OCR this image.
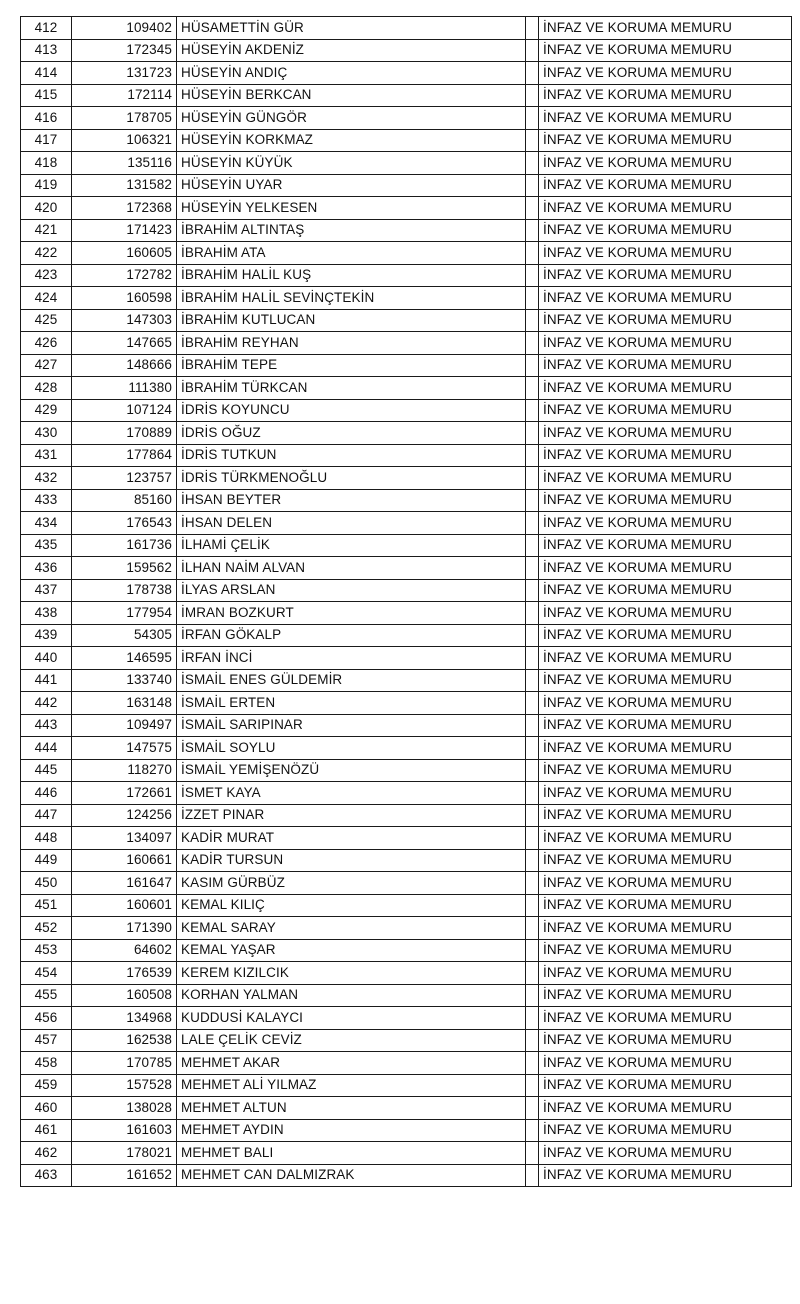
412	109402	HÜSAMETTİN GÜR		İNFAZ VE KORUMA MEMURU
413	172345	HÜSEYİN AKDENİZ		İNFAZ VE KORUMA MEMURU
414	131723	HÜSEYİN ANDIÇ		İNFAZ VE KORUMA MEMURU
415	172114	HÜSEYİN BERKCAN		İNFAZ VE KORUMA MEMURU
416	178705	HÜSEYİN GÜNGÖR		İNFAZ VE KORUMA MEMURU
417	106321	HÜSEYİN KORKMAZ		İNFAZ VE KORUMA MEMURU
418	135116	HÜSEYİN KÜYÜK		İNFAZ VE KORUMA MEMURU
419	131582	HÜSEYİN UYAR		İNFAZ VE KORUMA MEMURU
420	172368	HÜSEYİN YELKESEN		İNFAZ VE KORUMA MEMURU
421	171423	İBRAHİM ALTINTAŞ		İNFAZ VE KORUMA MEMURU
422	160605	İBRAHİM ATA		İNFAZ VE KORUMA MEMURU
423	172782	İBRAHİM HALİL KUŞ		İNFAZ VE KORUMA MEMURU
424	160598	İBRAHİM HALİL SEVİNÇTEKİN		İNFAZ VE KORUMA MEMURU
425	147303	İBRAHİM KUTLUCAN		İNFAZ VE KORUMA MEMURU
426	147665	İBRAHİM REYHAN		İNFAZ VE KORUMA MEMURU
427	148666	İBRAHİM TEPE		İNFAZ VE KORUMA MEMURU
428	111380	İBRAHİM TÜRKCAN		İNFAZ VE KORUMA MEMURU
429	107124	İDRİS KOYUNCU		İNFAZ VE KORUMA MEMURU
430	170889	İDRİS OĞUZ		İNFAZ VE KORUMA MEMURU
431	177864	İDRİS TUTKUN		İNFAZ VE KORUMA MEMURU
432	123757	İDRİS TÜRKMENOĞLU		İNFAZ VE KORUMA MEMURU
433	85160	İHSAN BEYTER		İNFAZ VE KORUMA MEMURU
434	176543	İHSAN DELEN		İNFAZ VE KORUMA MEMURU
435	161736	İLHAMİ ÇELİK		İNFAZ VE KORUMA MEMURU
436	159562	İLHAN NAİM ALVAN		İNFAZ VE KORUMA MEMURU
437	178738	İLYAS ARSLAN		İNFAZ VE KORUMA MEMURU
438	177954	İMRAN BOZKURT		İNFAZ VE KORUMA MEMURU
439	54305	İRFAN GÖKALP		İNFAZ VE KORUMA MEMURU
440	146595	İRFAN İNCİ		İNFAZ VE KORUMA MEMURU
441	133740	İSMAİL ENES GÜLDEMİR		İNFAZ VE KORUMA MEMURU
442	163148	İSMAİL ERTEN		İNFAZ VE KORUMA MEMURU
443	109497	İSMAİL SARIPINAR		İNFAZ VE KORUMA MEMURU
444	147575	İSMAİL SOYLU		İNFAZ VE KORUMA MEMURU
445	118270	İSMAİL YEMİŞENÖZÜ		İNFAZ VE KORUMA MEMURU
446	172661	İSMET KAYA		İNFAZ VE KORUMA MEMURU
447	124256	İZZET PINAR		İNFAZ VE KORUMA MEMURU
448	134097	KADİR MURAT		İNFAZ VE KORUMA MEMURU
449	160661	KADİR TURSUN		İNFAZ VE KORUMA MEMURU
450	161647	KASIM GÜRBÜZ		İNFAZ VE KORUMA MEMURU
451	160601	KEMAL KILIÇ		İNFAZ VE KORUMA MEMURU
452	171390	KEMAL SARAY		İNFAZ VE KORUMA MEMURU
453	64602	KEMAL YAŞAR		İNFAZ VE KORUMA MEMURU
454	176539	KEREM KIZILCIK		İNFAZ VE KORUMA MEMURU
455	160508	KORHAN YALMAN		İNFAZ VE KORUMA MEMURU
456	134968	KUDDUSİ KALAYCI		İNFAZ VE KORUMA MEMURU
457	162538	LALE ÇELİK CEVİZ		İNFAZ VE KORUMA MEMURU
458	170785	MEHMET AKAR		İNFAZ VE KORUMA MEMURU
459	157528	MEHMET ALİ YILMAZ		İNFAZ VE KORUMA MEMURU
460	138028	MEHMET ALTUN		İNFAZ VE KORUMA MEMURU
461	161603	MEHMET AYDIN		İNFAZ VE KORUMA MEMURU
462	178021	MEHMET BALI		İNFAZ VE KORUMA MEMURU
463	161652	MEHMET CAN DALMIZRAK		İNFAZ VE KORUMA MEMURU
